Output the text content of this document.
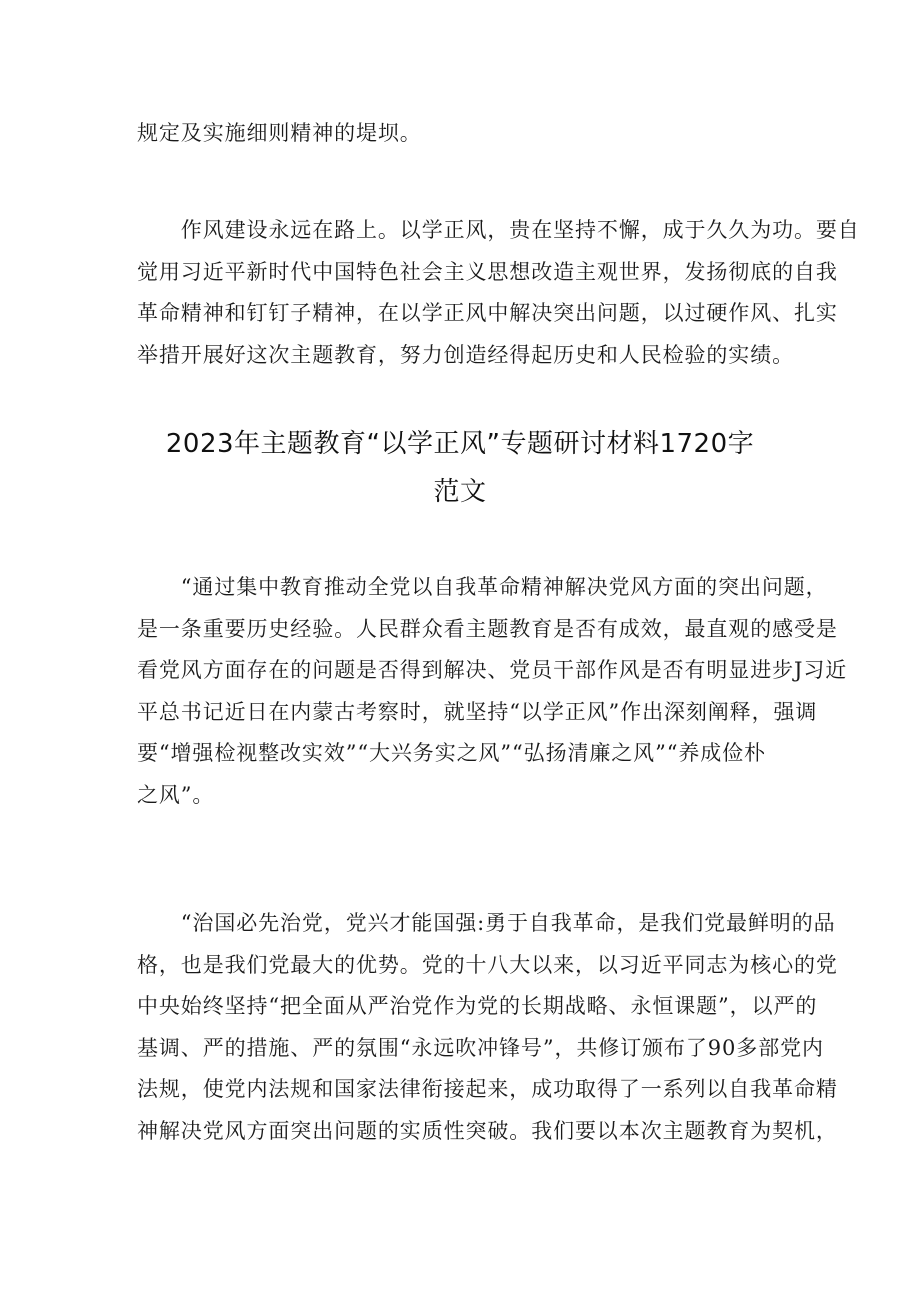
规定及实施细则精神的堤坝。

　　作风建设永远在路上。以学正风，贵在坚持不懈，成于久久为功。要自
觉用习近平新时代中国特色社会主义思想改造主观世界，发扬彻底的自我
革命精神和钉钉子精神，在以学正风中解决突出问题，以过硬作风、扎实
举措开展好这次主题教育，努力创造经得起历史和人民检验的实绩。

2023年主题教育“以学正风”专题研讨材料1720字
范文

　　“通过集中教育推动全党以自我革命精神解决党风方面的突出问题，
是一条重要历史经验。人民群众看主题教育是否有成效，最直观的感受是
看党风方面存在的问题是否得到解决、党员干部作风是否有明显进步J习近
平总书记近日在内蒙古考察时，就坚持“以学正风”作出深刻阐释，强调
要“增强检视整改实效”“大兴务实之风”“弘扬清廉之风”“养成俭朴
之风”。

　　“治国必先治党，党兴才能国强:勇于自我革命，是我们党最鲜明的品
格，也是我们党最大的优势。党的十八大以来，以习近平同志为核心的党
中央始终坚持“把全面从严治党作为党的长期战略、永恒课题”，以严的
基调、严的措施、严的氛围“永远吹冲锋号”，共修订颁布了90多部党内
法规，使党内法规和国家法律衔接起来，成功取得了一系列以自我革命精
神解决党风方面突出问题的实质性突破。我们要以本次主题教育为契机，
